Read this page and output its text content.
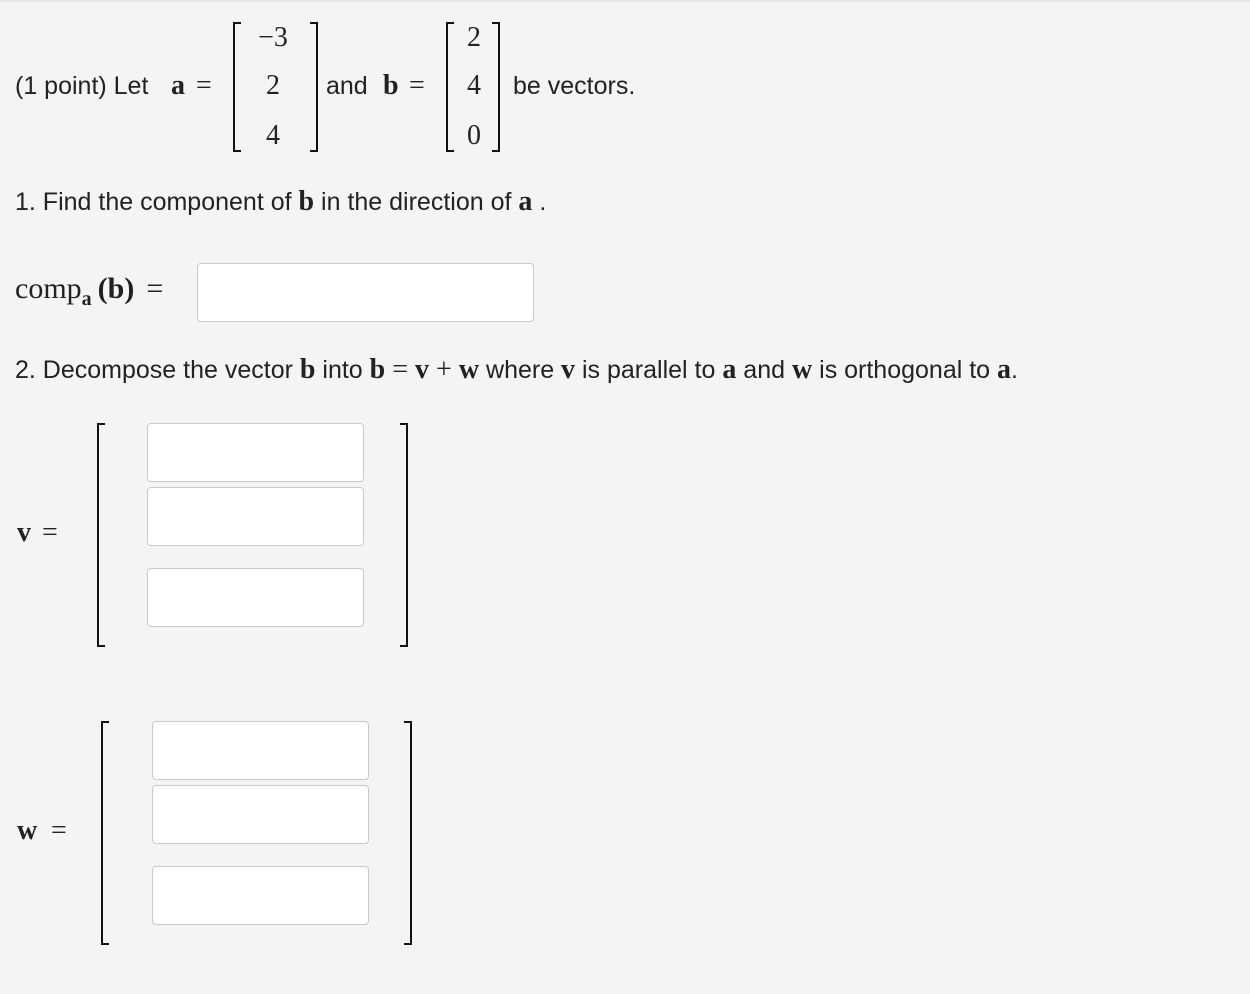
(1 point) Let a =
−3
2
4
and b =
2
4
0
be vectors.
1. Find the component of b in the direction of a .
comp$_a$ (b) =
2. Decompose the vector b into b = v + w where v is parallel to a and w is orthogonal to a.
v =
w =
